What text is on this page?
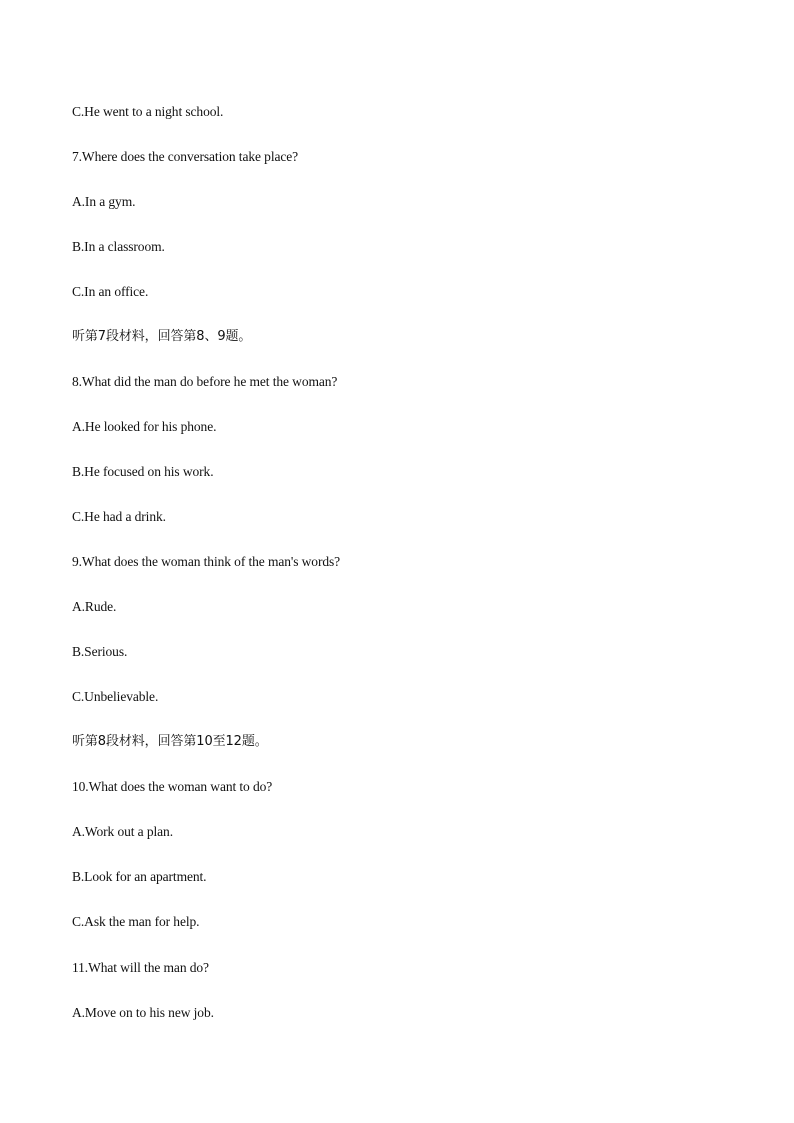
C.He went to a night school.
7.Where does the conversation take place?
A.In a gym.
B.In a classroom.
C.In an office.
听第7段材料，回答第8、9题。
8.What did the man do before he met the woman?
A.He looked for his phone.
B.He focused on his work.
C.He had a drink.
9.What does the woman think of the man's words?
A.Rude.
B.Serious.
C.Unbelievable.
听第8段材料，回答第10至12题。
10.What does the woman want to do?
A.Work out a plan.
B.Look for an apartment.
C.Ask the man for help.
11.What will the man do?
A.Move on to his new job.
